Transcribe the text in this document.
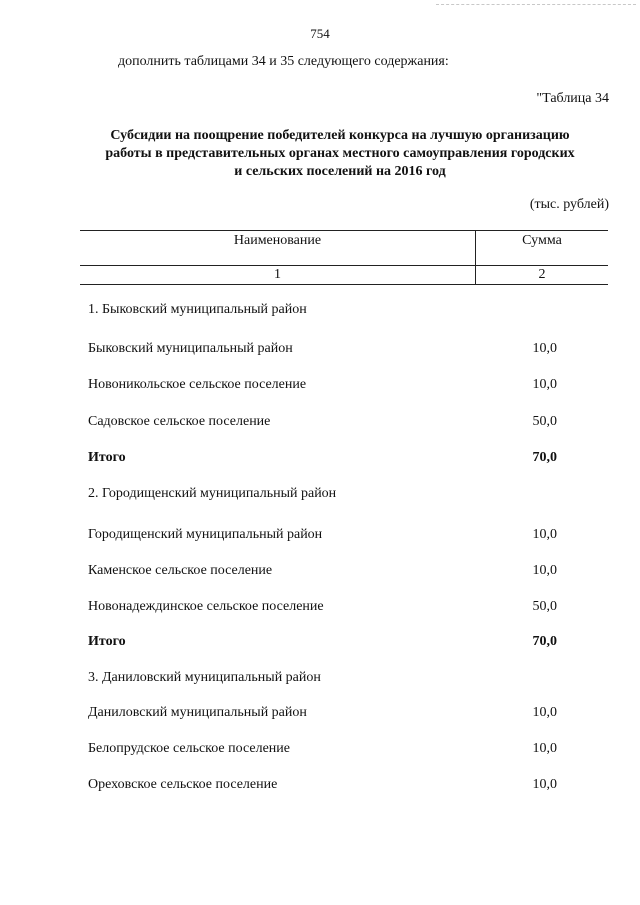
754
дополнить таблицами 34 и 35 следующего содержания:
"Таблица 34
Субсидии на поощрение победителей конкурса на лучшую организацию
работы в представительных органах местного самоуправления городских
и сельских поселений на 2016 год
(тыс. рублей)
Наименование	Сумма
1	2
1. Быковский муниципальный район
Быковский муниципальный район	10,0
Новоникольское сельское поселение	10,0
Садовское сельское поселение	50,0
Итого	70,0
2. Городищенский муниципальный район
Городищенский муниципальный район	10,0
Каменское сельское поселение	10,0
Новонадеждинское сельское поселение	50,0
Итого	70,0
3. Даниловский муниципальный район
Даниловский муниципальный район	10,0
Белопрудское сельское поселение	10,0
Ореховское сельское поселение	10,0
